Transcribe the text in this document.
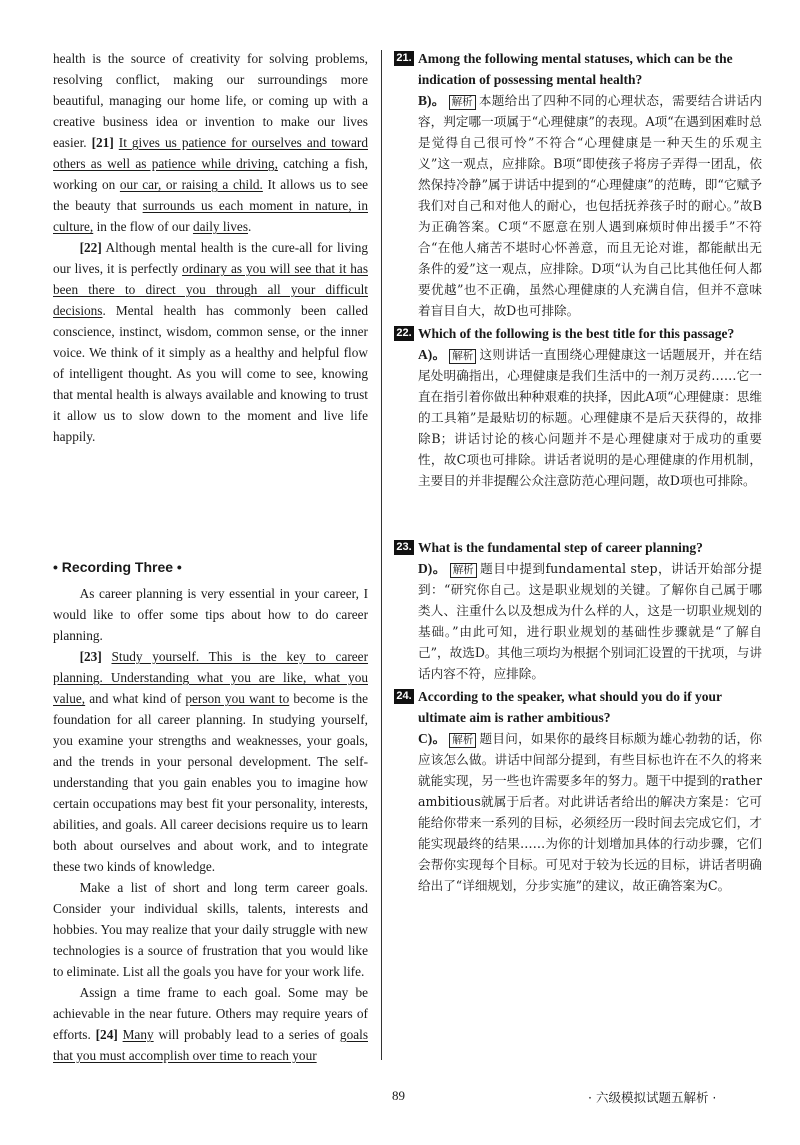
health is the source of creativity for solving problems, resolving conflict, making our surroundings more beautiful, managing our home life, or coming up with a creative business idea or invention to make our lives easier. [21] It gives us patience for ourselves and toward others as well as patience while driving, catching a fish, working on our car, or raising a child. It allows us to see the beauty that surrounds us each moment in nature, in culture, in the flow of our daily lives.

[22] Although mental health is the cure-all for living our lives, it is perfectly ordinary as you will see that it has been there to direct you through all your difficult decisions. Mental health has commonly been called conscience, instinct, wisdom, common sense, or the inner voice. We think of it simply as a healthy and helpful flow of intelligent thought. As you will come to see, knowing that mental health is always available and knowing to trust it allow us to slow down to the moment and live life happily.

• Recording Three •

As career planning is very essential in your career, I would like to offer some tips about how to do career planning.

[23] Study yourself. This is the key to career planning. Understanding what you are like, what you value, and what kind of person you want to become is the foundation for all career planning. In studying yourself, you examine your strengths and weaknesses, your goals, and the trends in your personal development. The self-understanding that you gain enables you to imagine how certain occupations may best fit your personality, interests, abilities, and goals. All career decisions require us to learn both about ourselves and about work, and to integrate these two kinds of knowledge.

Make a list of short and long term career goals. Consider your individual skills, talents, interests and hobbies. You may realize that your daily struggle with new technologies is a source of frustration that you would like to eliminate. List all the goals you have for your work life.

Assign a time frame to each goal. Some may be achievable in the near future. Others may require years of efforts. [24] Many will probably lead to a series of goals that you must accomplish over time to reach your

21. Among the following mental statuses, which can be the indication of possessing mental health?
B)。 解析 本题给出了四种不同的心理状态，需要结合讲话内容，判定哪一项属于“心理健康”的表现。A项“在遇到困难时总是觉得自己很可怜”不符合“心理健康是一种天生的乐观主义”这一观点，应排除。B项“即使孩子将房子弄得一团乱，依然保持冷静”属于讲话中提到的“心理健康”的范畴，即“它赋予我们对自己和对他人的耐心，也包括抚养孩子时的耐心。”故B为正确答案。C项“不愿意在别人遇到麻烦时伸出援手”不符合“在他人痛苦不堪时心怀善意，而且无论对谁，都能献出无条件的爱”这一观点，应排除。D项“认为自己比其他任何人都要优越”也不正确，虽然心理健康的人充满自信，但并不意味着盲目自大，故D也可排除。
22. Which of the following is the best title for this passage?
A)。 解析 这则讲话一直围绕心理健康这一话题展开，并在结尾处明确指出，心理健康是我们生活中的一剂万灵药……它一直在指引着你做出种种艰难的抉择，因此A项“心理健康：思维的工具箱”是最贴切的标题。心理健康不是后天获得的，故排除B；讲话讨论的核心问题并不是心理健康对于成功的重要性，故C项也可排除。讲话者说明的是心理健康的作用机制，主要目的并非提醒公众注意防范心理问题，故D项也可排除。
23. What is the fundamental step of career planning?
D)。 解析 题目中提到fundamental step，讲话开始部分提到：“研究你自己。这是职业规划的关键。了解你自己属于哪类人、注重什么以及想成为什么样的人，这是一切职业规划的基础。”由此可知，进行职业规划的基础性步骤就是“了解自己”，故选D。其他三项均为根据个别词汇设置的干扰项，与讲话内容不符，应排除。
24. According to the speaker, what should you do if your ultimate aim is rather ambitious?
C)。 解析 题目问，如果你的最终目标颇为雄心勃勃的话，你应该怎么做。讲话中间部分提到，有些目标也许在不久的将来就能实现，另一些也许需要多年的努力。题干中提到的rather ambitious就属于后者。对此讲话者给出的解决方案是：它可能给你带来一系列的目标，必须经历一段时间去完成它们，才能实现最终的结果……为你的计划增加具体的行动步骤，它们会帮你实现每个目标。可见对于较为长远的目标，讲话者明确给出了“详细规划，分步实施”的建议，故正确答案为C。
89	· 六级模拟试题五解析 ·
